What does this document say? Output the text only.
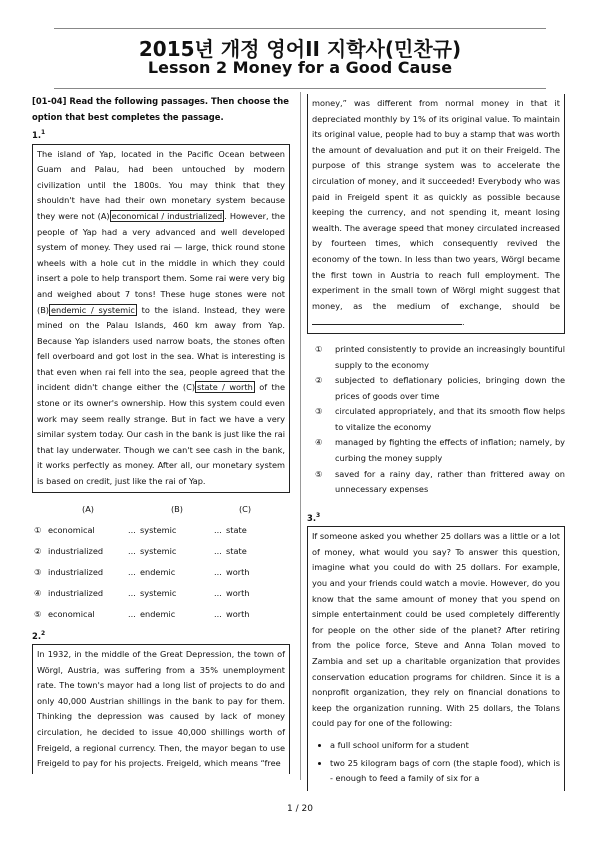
2015년 개정 영어II 지학사(민찬규)
Lesson 2 Money for a Good Cause
[01-04] Read the following passages. Then choose the option that best completes the passage.
1.$^1$
The island of Yap, located in the Pacific Ocean between Guam and Palau, had been untouched by modern civilization until the 1800s. You may think that they shouldn't have had their own monetary system because they were not (A) economical / industrialized . However, the people of Yap had a very advanced and well developed system of money. They used rai — large, thick round stone wheels with a hole cut in the middle in which they could insert a pole to help transport them. Some rai were very big and weighed about 7 tons! These huge stones were not (B) endemic / systemic to the island. Instead, they were mined on the Palau Islands, 460 km away from Yap. Because Yap islanders used narrow boats, the stones often fell overboard and got lost in the sea. What is interesting is that even when rai fell into the sea, people agreed that the incident didn't change either the (C) state / worth of the stone or its owner's ownership. How this system could even work may seem really strange. But in fact we have a very similar system today. Our cash in the bank is just like the rai that lay underwater. Though we can't see cash in the bank, it works perfectly as money. After all, our monetary system is based on credit, just like the rai of Yap.
	(A)		(B)		(C)
①	economical	...	systemic	...	state
②	industrialized	...	systemic	...	state
③	industrialized	...	endemic	...	worth
④	industrialized	...	systemic	...	worth
⑤	economical	...	endemic	...	worth
2.$^2$
In 1932, in the middle of the Great Depression, the town of Wörgl, Austria, was suffering from a 35% unemployment rate. The town's mayor had a long list of projects to do and only 40,000 Austrian shillings in the bank to pay for them. Thinking the depression was caused by lack of money circulation, he decided to issue 40,000 shillings worth of Freigeld, a regional currency. Then, the mayor began to use Freigeld to pay for his projects. Freigeld, which means “free
money,” was different from normal money in that it depreciated monthly by 1% of its original value. To maintain its original value, people had to buy a stamp that was worth the amount of devaluation and put it on their Freigeld. The purpose of this strange system was to accelerate the circulation of money, and it succeeded! Everybody who was paid in Freigeld spent it as quickly as possible because keeping the currency, and not spending it, meant losing wealth. The average speed that money circulated increased by fourteen times, which consequently revived the economy of the town. In less than two years, Wörgl became the first town in Austria to reach full employment. The experiment in the small town of Wörgl might suggest that money, as the medium of exchange, should be .
①	printed consistently to provide an increasingly bountiful supply to the economy
②	subjected to deflationary policies, bringing down the prices of goods over time
③	circulated appropriately, and that its smooth flow helps to vitalize the economy
④	managed by fighting the effects of inflation; namely, by curbing the money supply
⑤	saved for a rainy day, rather than frittered away on unnecessary expenses
3.$^3$
If someone asked you whether 25 dollars was a little or a lot of money, what would you say? To answer this question, imagine what you could do with 25 dollars. For example, you and your friends could watch a movie. However, do you know that the same amount of money that you spend on simple entertainment could be used completely differently for people on the other side of the planet? After retiring from the police force, Steve and Anna Tolan moved to Zambia and set up a charitable organization that provides conservation education programs for children. Since it is a nonprofit organization, they rely on financial donations to keep the organization running. With 25 dollars, the Tolans could pay for one of the following:
• a full school uniform for a student
• two 25 kilogram bags of corn (the staple food), which is - enough to feed a family of six for a
1 / 20
